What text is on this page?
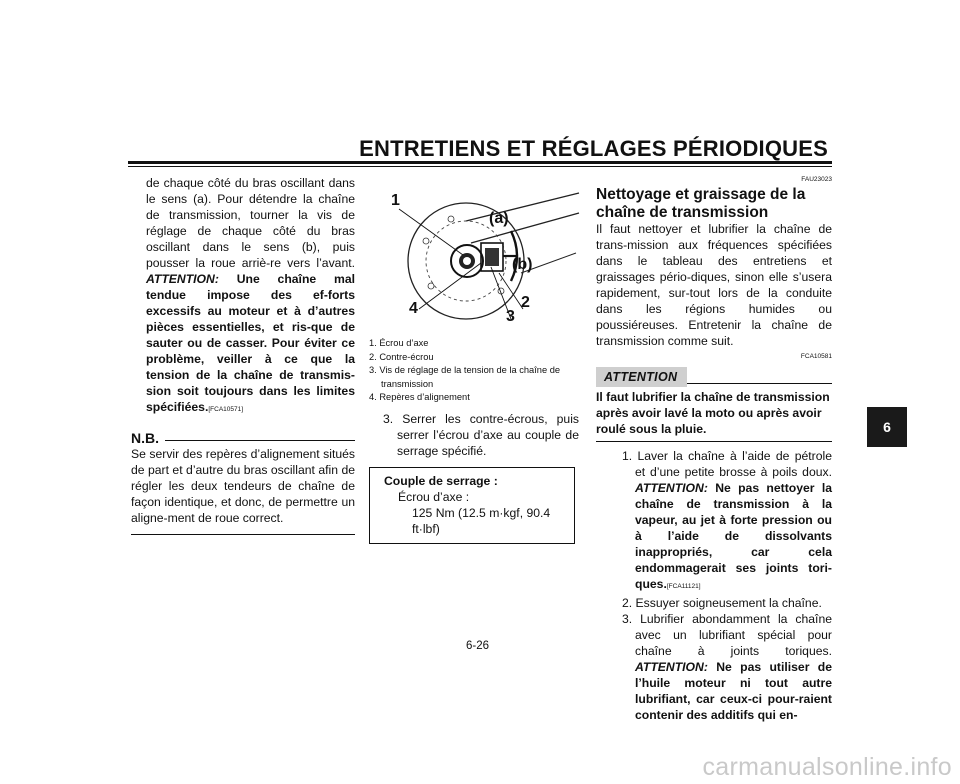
ENTRETIENS ET RÉGLAGES PÉRIODIQUES
6
de chaque côté du bras oscillant dans le sens (a). Pour détendre la chaîne de transmission, tourner la vis de réglage de chaque côté du bras oscillant dans le sens (b), puis pousser la roue arriè-re vers l’avant. ATTENTION: Une chaîne mal tendue impose des ef-forts excessifs au moteur et à d’autres pièces essentielles, et ris-que de sauter ou de casser. Pour éviter ce problème, veiller à ce que la tension de la chaîne de transmis-sion soit toujours dans les limites spécifiées.[FCA10571]
N.B.
Se servir des repères d’alignement situés de part et d’autre du bras oscillant afin de régler les deux tendeurs de chaîne de façon identique, et donc, de permettre un aligne-ment de roue correct.
1
(a)
(b)
2
3
4
1. Écrou d’axe
2. Contre-écrou
3. Vis de réglage de la tension de la chaîne de transmission
4. Repères d’alignement
3. Serrer les contre-écrous, puis serrer l’écrou d’axe au couple de serrage spécifié.
Couple de serrage :
Écrou d’axe :
125 Nm (12.5 m·kgf, 90.4 ft·lbf)
FAU23023
Nettoyage et graissage de la chaîne de transmission
Il faut nettoyer et lubrifier la chaîne de trans-mission aux fréquences spécifiées dans le tableau des entretiens et graissages pério-diques, sinon elle s’usera rapidement, sur-tout lors de la conduite dans les régions humides ou poussiéreuses. Entretenir la chaîne de transmission comme suit.
FCA10581
ATTENTION
Il faut lubrifier la chaîne de transmission après avoir lavé la moto ou après avoir roulé sous la pluie.
1. Laver la chaîne à l’aide de pétrole et d’une petite brosse à poils doux. ATTENTION: Ne pas nettoyer la chaîne de transmission à la vapeur, au jet à forte pression ou à l’aide de dissolvants inappropriés, car cela endommagerait ses joints tori-ques.[FCA11121]
2. Essuyer soigneusement la chaîne.
3. Lubrifier abondamment la chaîne avec un lubrifiant spécial pour chaîne à joints toriques. ATTENTION: Ne pas utiliser de l’huile moteur ni tout autre lubrifiant, car ceux-ci pour-raient contenir des additifs qui en-
6-26
carmanualsonline.info
